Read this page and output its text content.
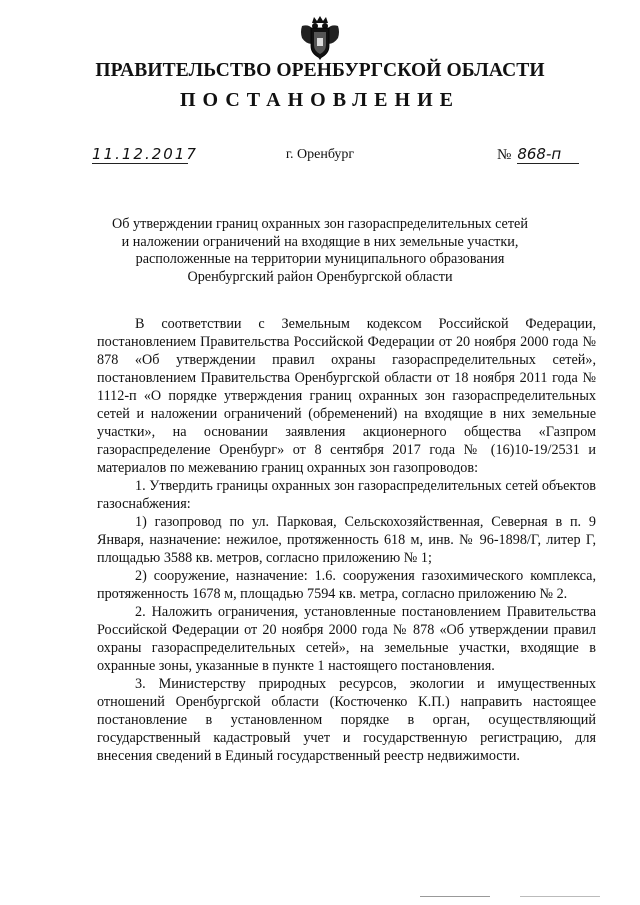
ПРАВИТЕЛЬСТВО ОРЕНБУРГСКОЙ ОБЛАСТИ
ПОСТАНОВЛЕНИЕ
11.12.2017	г. Оренбург	№ 868-п
Об утверждении границ охранных зон газораспределительных сетей
и наложении ограничений на входящие в них земельные участки,
расположенные на территории муниципального образования
Оренбургский район Оренбургской области

В соответствии с Земельным кодексом Российской Федерации, постановлением Правительства Российской Федерации от 20 ноября 2000 года № 878 «Об утверждении правил охраны газораспределительных сетей», постановлением Правительства Оренбургской области от 18 ноября 2011 года № 1112-п «О порядке утверждения границ охранных зон газораспределительных сетей и наложении ограничений (обременений) на входящие в них земельные участки», на основании заявления акционерного общества «Газпром газораспределение Оренбург» от 8 сентября 2017 года № (16)10-19/2531 и материалов по межеванию границ охранных зон газопроводов:

1. Утвердить границы охранных зон газораспределительных сетей объектов газоснабжения:

1) газопровод по ул. Парковая, Сельскохозяйственная, Северная в п. 9 Января, назначение: нежилое, протяженность 618 м, инв. № 96-1898/Г, литер Г, площадью 3588 кв. метров, согласно приложению № 1;

2) сооружение, назначение: 1.6. сооружения газохимического комплекса, протяженность 1678 м, площадью 7594 кв. метра, согласно приложению № 2.

2. Наложить ограничения, установленные постановлением Правительства Российской Федерации от 20 ноября 2000 года № 878 «Об утверждении правил охраны газораспределительных сетей», на земельные участки, входящие в охранные зоны, указанные в пункте 1 настоящего постановления.

3. Министерству природных ресурсов, экологии и имущественных отношений Оренбургской области (Костюченко К.П.) направить настоящее постановление в установленном порядке в орган, осуществляющий государственный кадастровый учет и государственную регистрацию, для внесения сведений в Единый государственный реестр недвижимости.
